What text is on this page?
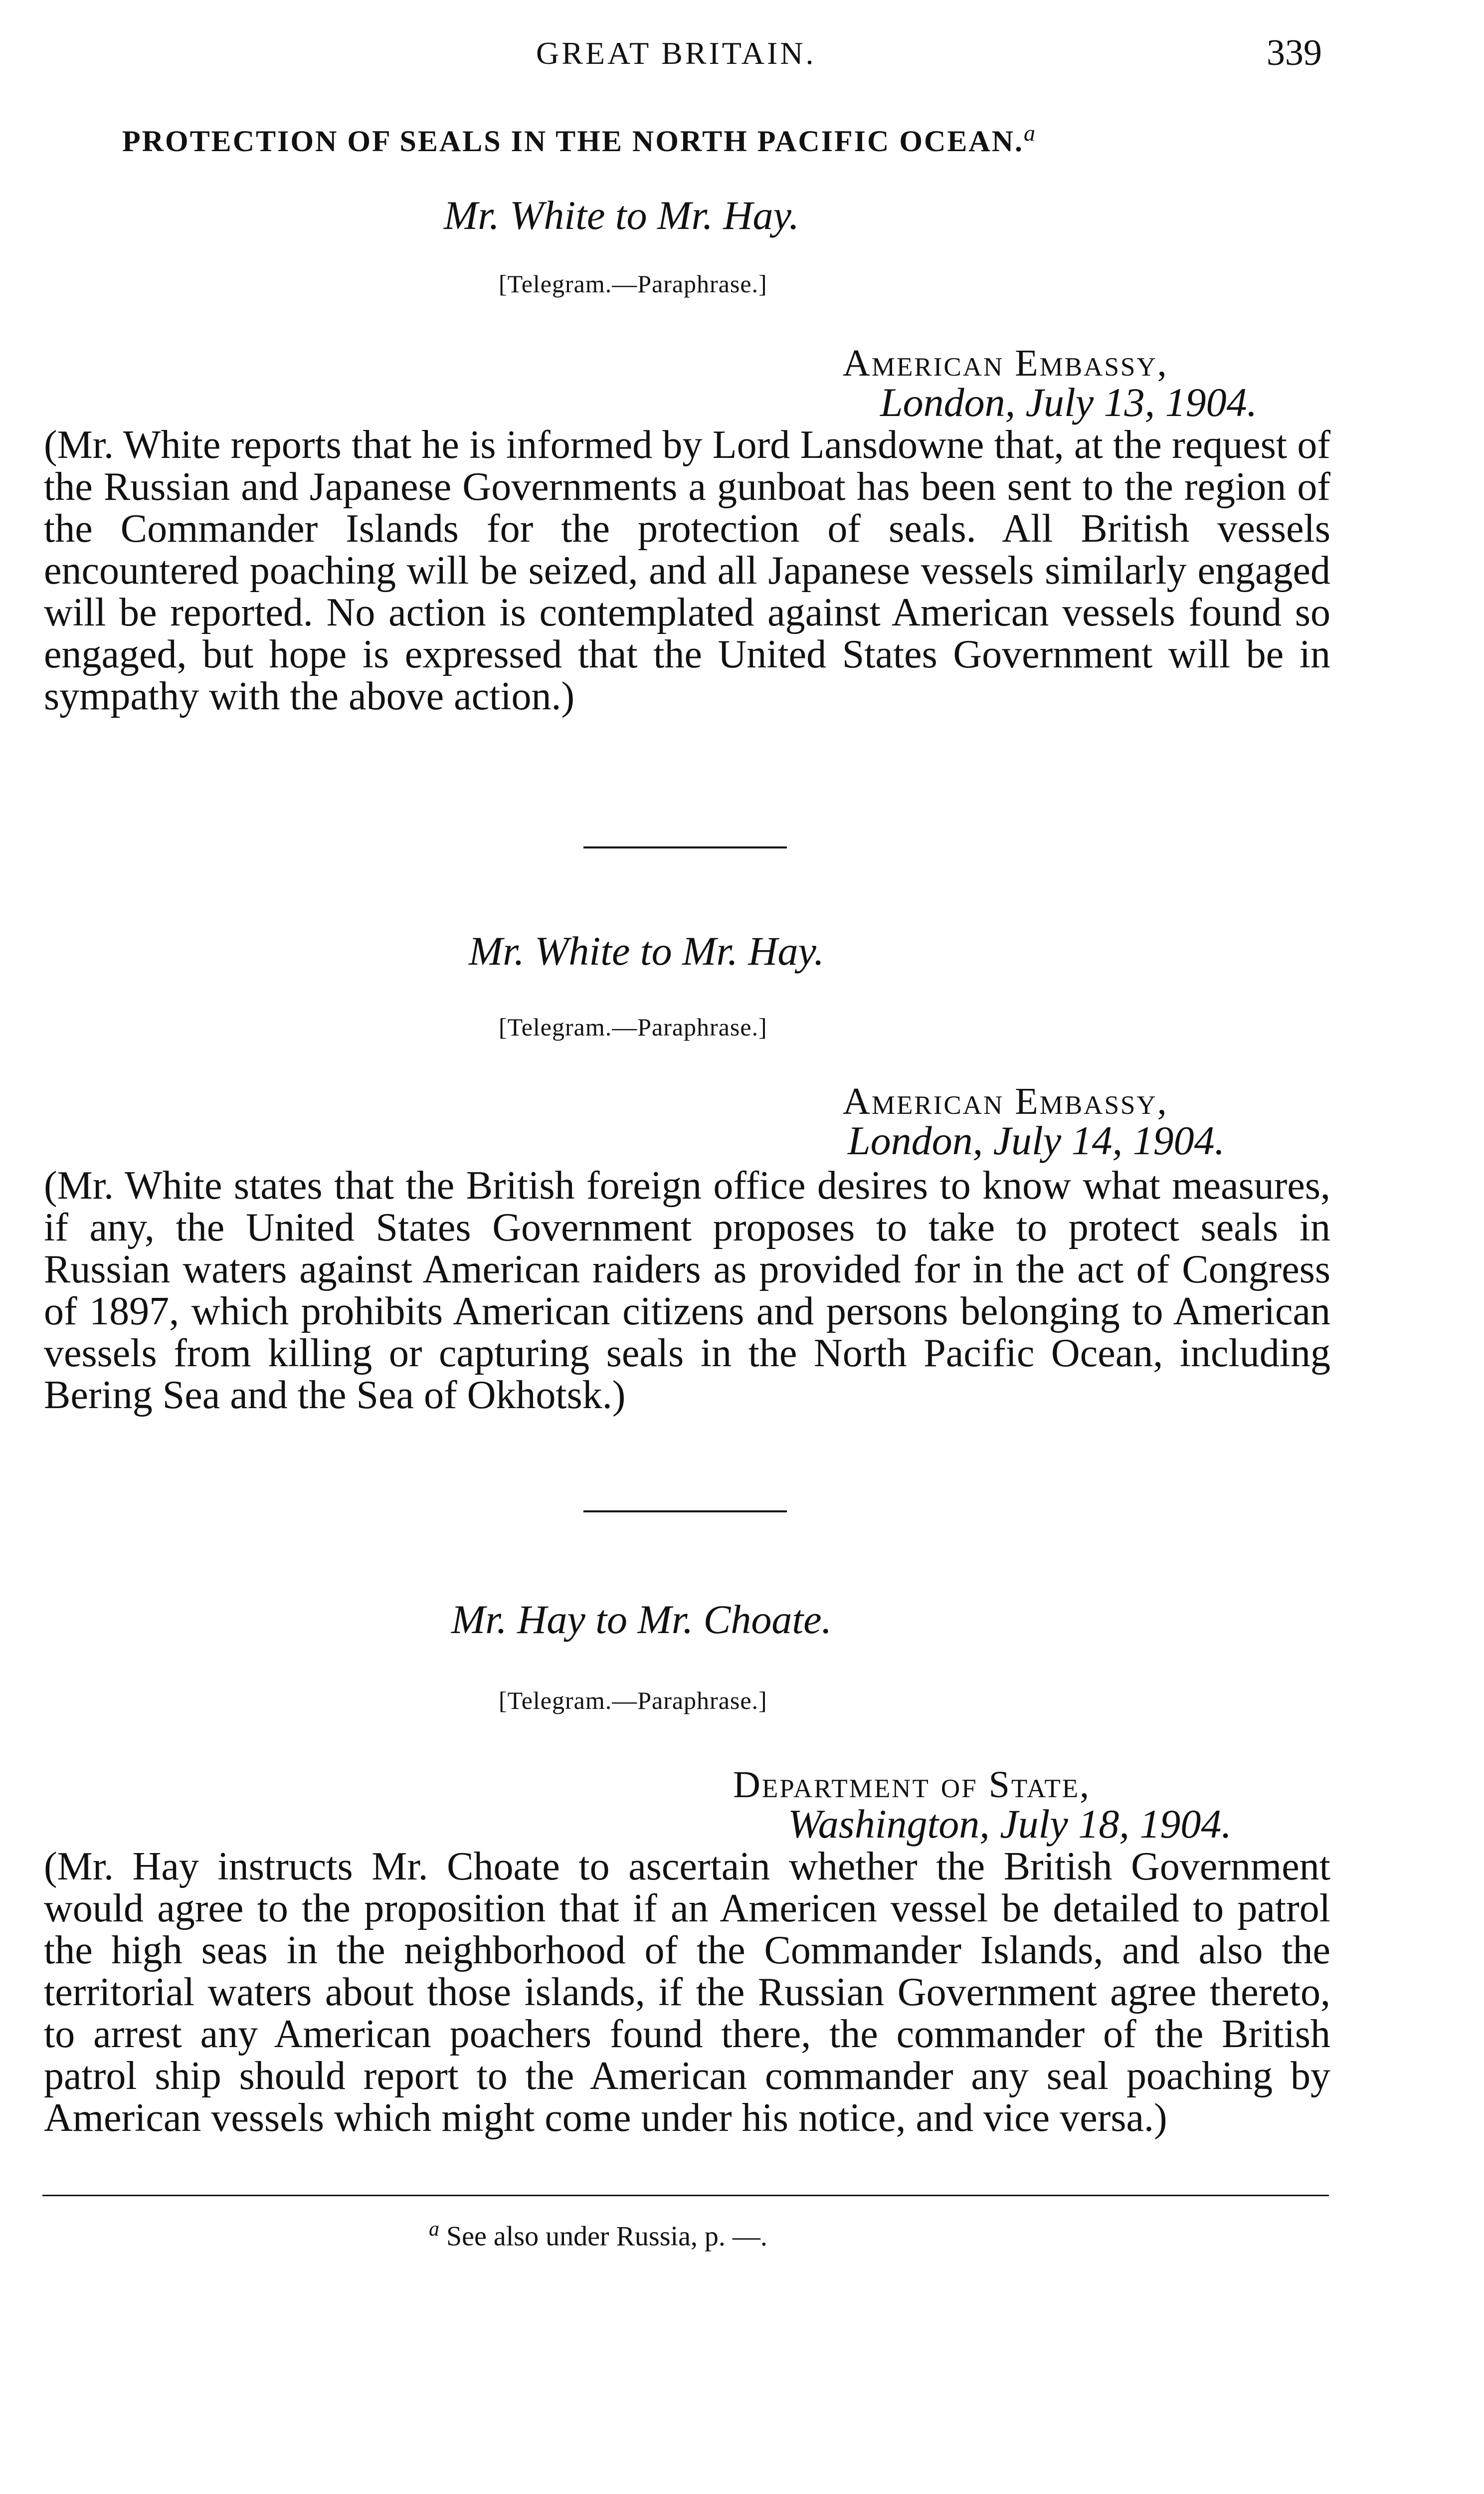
GREAT BRITAIN.	339
PROTECTION OF SEALS IN THE NORTH PACIFIC OCEAN.$^a$
Mr. White to Mr. Hay.
[Telegram.—Paraphrase.]
American Embassy,
London, July 13, 1904.

(Mr. White reports that he is informed by Lord Lansdowne that, at the request of the Russian and Japanese Governments a gunboat has been sent to the region of the Commander Islands for the protection of seals. All British vessels encountered poaching will be seized, and all Japanese vessels similarly engaged will be reported. No action is contemplated against American vessels found so engaged, but hope is expressed that the United States Government will be in sympathy with the above action.)

Mr. White to Mr. Hay.
[Telegram.—Paraphrase.]
American Embassy,
London, July 14, 1904.

(Mr. White states that the British foreign office desires to know what measures, if any, the United States Government proposes to take to protect seals in Russian waters against American raiders as provided for in the act of Congress of 1897, which prohibits American citizens and persons belonging to American vessels from killing or capturing seals in the North Pacific Ocean, including Bering Sea and the Sea of Okhotsk.)

Mr. Hay to Mr. Choate.
[Telegram.—Paraphrase.]
Department of State,
Washington, July 18, 1904.

(Mr. Hay instructs Mr. Choate to ascertain whether the British Government would agree to the proposition that if an Americen vessel be detailed to patrol the high seas in the neighborhood of the Commander Islands, and also the territorial waters about those islands, if the Russian Government agree thereto, to arrest any American poachers found there, the commander of the British patrol ship should report to the American commander any seal poaching by American vessels which might come under his notice, and vice versa.)

$^a$ See also under Russia, p. —.
